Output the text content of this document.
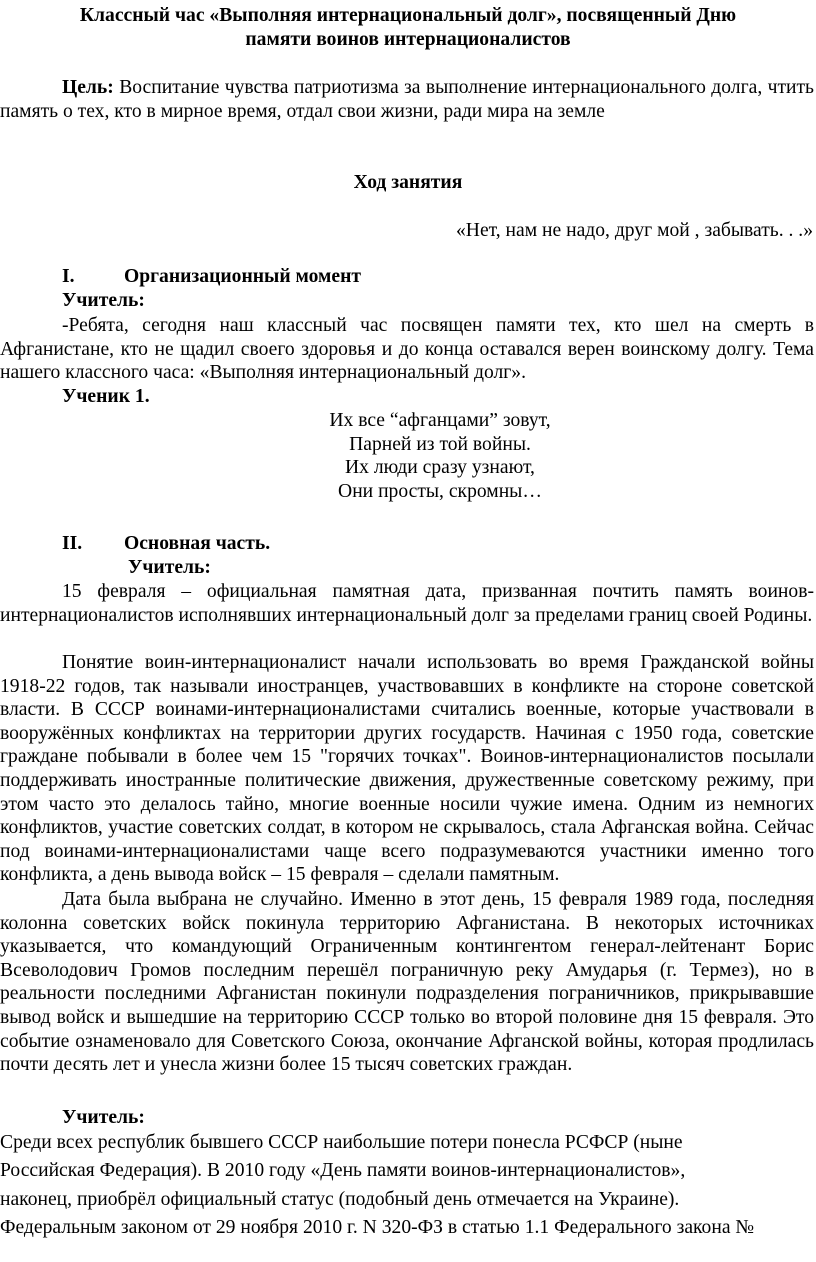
Классный час «Выполняя интернациональный долг», посвященный Дню
памяти воинов интернационалистов
Цель: Воспитание чувства патриотизма за выполнение интернационального долга, чтить память о тех, кто в мирное время, отдал свои жизни, ради мира на земле
Ход занятия
«Нет, нам не надо, друг мой , забывать. . .»
I.	Организационный момент
Учитель:
-Ребята, сегодня наш классный час посвящен памяти тех, кто шел на смерть в Афганистане, кто не щадил своего здоровья и до конца оставался верен воинскому долгу. Тема нашего классного часа: «Выполняя интернациональный долг».
Ученик 1.
Их все “афганцами” зовут,
Парней из той войны.
Их люди сразу узнают,
Они просты, скромны…
II. Основная часть.
Учитель:
15 февраля – официальная памятная дата, призванная почтить память воинов-интернационалистов исполнявших интернациональный долг за пределами границ своей Родины.
Понятие воин-интернационалист начали использовать во время Гражданской войны 1918-22 годов, так называли иностранцев, участвовавших в конфликте на стороне советской власти. В СССР воинами-интернационалистами считались военные, которые участвовали в вооружённых конфликтах на территории других государств. Начиная с 1950 года, советские граждане побывали в более чем 15 "горячих точках". Воинов-интернационалистов посылали поддерживать иностранные политические движения, дружественные советскому режиму, при этом часто это делалось тайно, многие военные носили чужие имена. Одним из немногих конфликтов, участие советских солдат, в котором не скрывалось, стала Афганская война. Сейчас под воинами-интернационалистами чаще всего подразумеваются участники именно того конфликта, а день вывода войск – 15 февраля – сделали памятным.
Дата была выбрана не случайно. Именно в этот день, 15 февраля 1989 года, последняя колонна советских войск покинула территорию Афганистана. В некоторых источниках указывается, что командующий Ограниченным контингентом генерал-лейтенант Борис Всеволодович Громов последним перешёл пограничную реку Амударья (г. Термез), но в реальности последними Афганистан покинули подразделения пограничников, прикрывавшие вывод войск и вышедшие на территорию СССР только во второй половине дня 15 февраля. Это событие ознаменовало для Советского Союза, окончание Афганской войны, которая продлилась почти десять лет и унесла жизни более 15 тысяч советских граждан.
Учитель:
Среди всех республик бывшего СССР наибольшие потери понесла РСФСР (ныне
Российская Федерация). В 2010 году «День памяти воинов-интернационалистов»,
наконец, приобрёл официальный статус (подобный день отмечается на Украине).
Федеральным законом от 29 ноября 2010 г. N 320-ФЗ в статью 1.1 Федерального закона №
